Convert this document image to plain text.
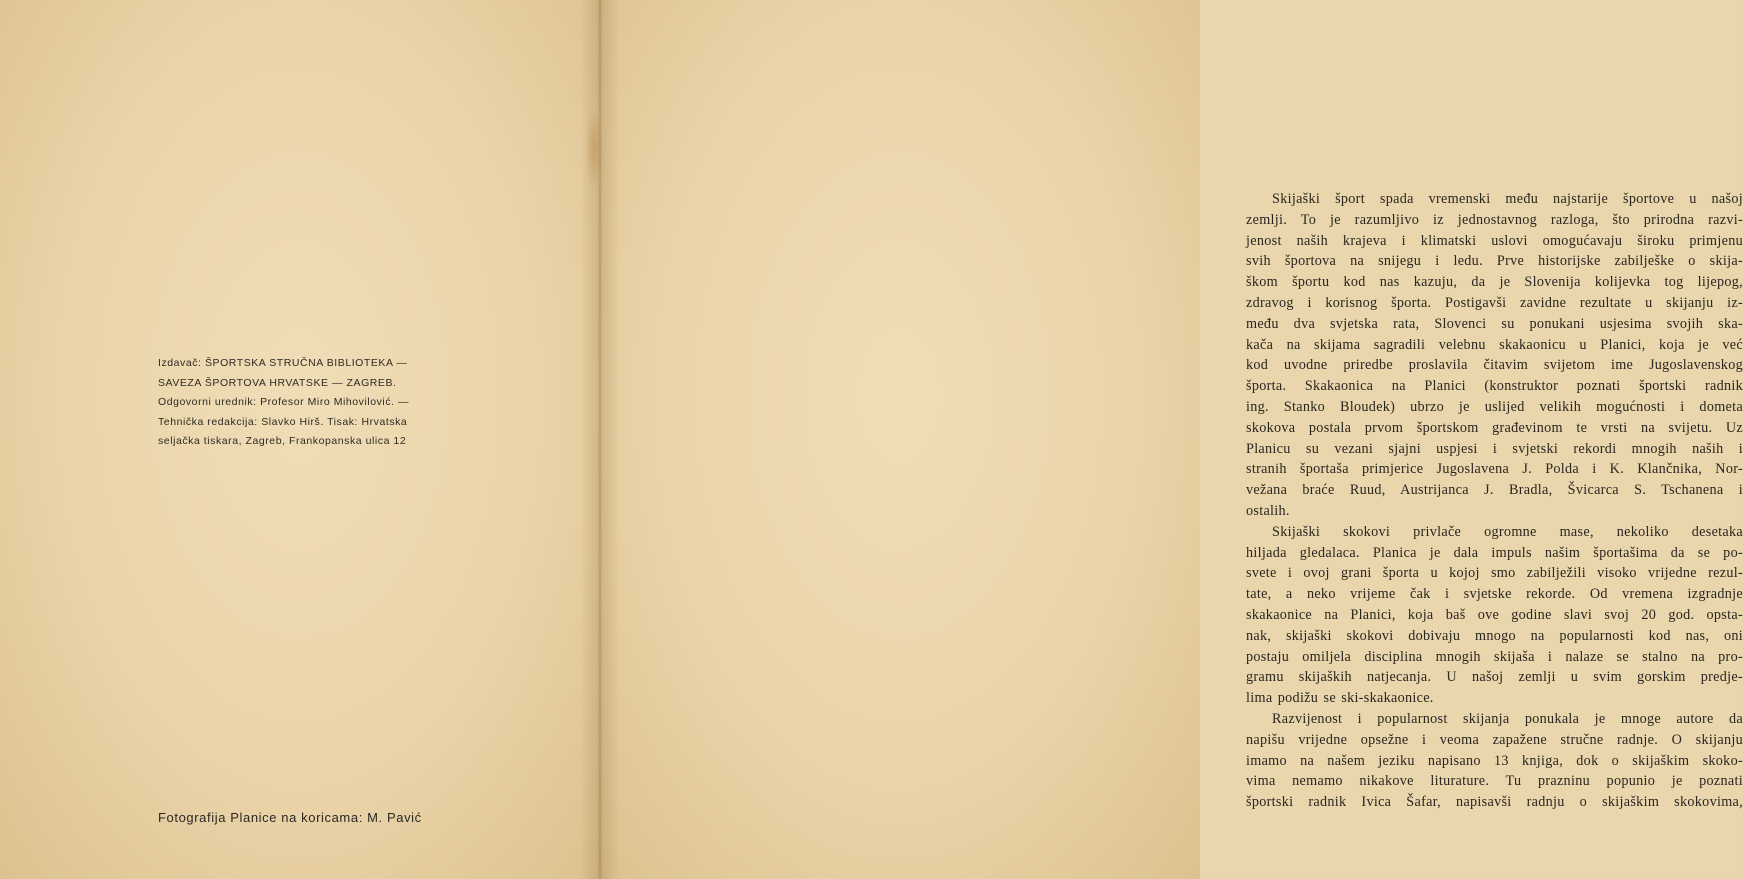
Izdavač: ŠPORTSKA STRUČNA BIBLIOTEKA —
SAVEZA ŠPORTOVA HRVATSKE — ZAGREB.
Odgovorni urednik: Profesor Miro Mihovilović. —
Tehnička redakcija: Slavko Hirš. Tisak: Hrvatska
seljačka tiskara, Zagreb, Frankopanska ulica 12
Fotografija Planice na koricama: M. Pavić
Skijaški šport spada vremenski među najstarije športove u našoj
zemlji. To je razumljivo iz jednostavnog razloga, što prirodna razvi-
jenost naših krajeva i klimatski uslovi omogućavaju široku primjenu
svih športova na snijegu i ledu. Prve historijske zabilješke o skija-
škom športu kod nas kazuju, da je Slovenija kolijevka tog lijepog,
zdravog i korisnog športa. Postigavši zavidne rezultate u skijanju iz-
među dva svjetska rata, Slovenci su ponukani usjesima svojih ska-
kača na skijama sagradili velebnu skakaonicu u Planici, koja je već
kod uvodne priredbe proslavila čitavim svijetom ime Jugoslavenskog
športa. Skakaonica na Planici (konstruktor poznati športski radnik
ing. Stanko Bloudek) ubrzo je uslijed velikih mogućnosti i dometa
skokova postala prvom športskom građevinom te vrsti na svijetu. Uz
Planicu su vezani sjajni uspjesi i svjetski rekordi mnogih naših i
stranih športaša primjerice Jugoslavena J. Polda i K. Klančnika, Nor-
vežana braće Ruud, Austrijanca J. Bradla, Švicarca S. Tschanena i
ostalih.
Skijaški skokovi privlače ogromne mase, nekoliko desetaka
hiljada gledalaca. Planica je dala impuls našim športašima da se po-
svete i ovoj grani športa u kojoj smo zabilježili visoko vrijedne rezul-
tate, a neko vrijeme čak i svjetske rekorde. Od vremena izgradnje
skakaonice na Planici, koja baš ove godine slavi svoj 20 god. opsta-
nak, skijaški skokovi dobivaju mnogo na popularnosti kod nas, oni
postaju omiljela disciplina mnogih skijaša i nalaze se stalno na pro-
gramu skijaških natjecanja. U našoj zemlji u svim gorskim predje-
lima podižu se ski-skakaonice.
Razvijenost i popularnost skijanja ponukala je mnoge autore da
napišu vrijedne opsežne i veoma zapažene stručne radnje. O skijanju
imamo na našem jeziku napisano 13 knjiga, dok o skijaškim skoko-
vima nemamo nikakove liturature. Tu prazninu popunio je poznati
športski radnik Ivica Šafar, napisavši radnju o skijaškim skokovima,
